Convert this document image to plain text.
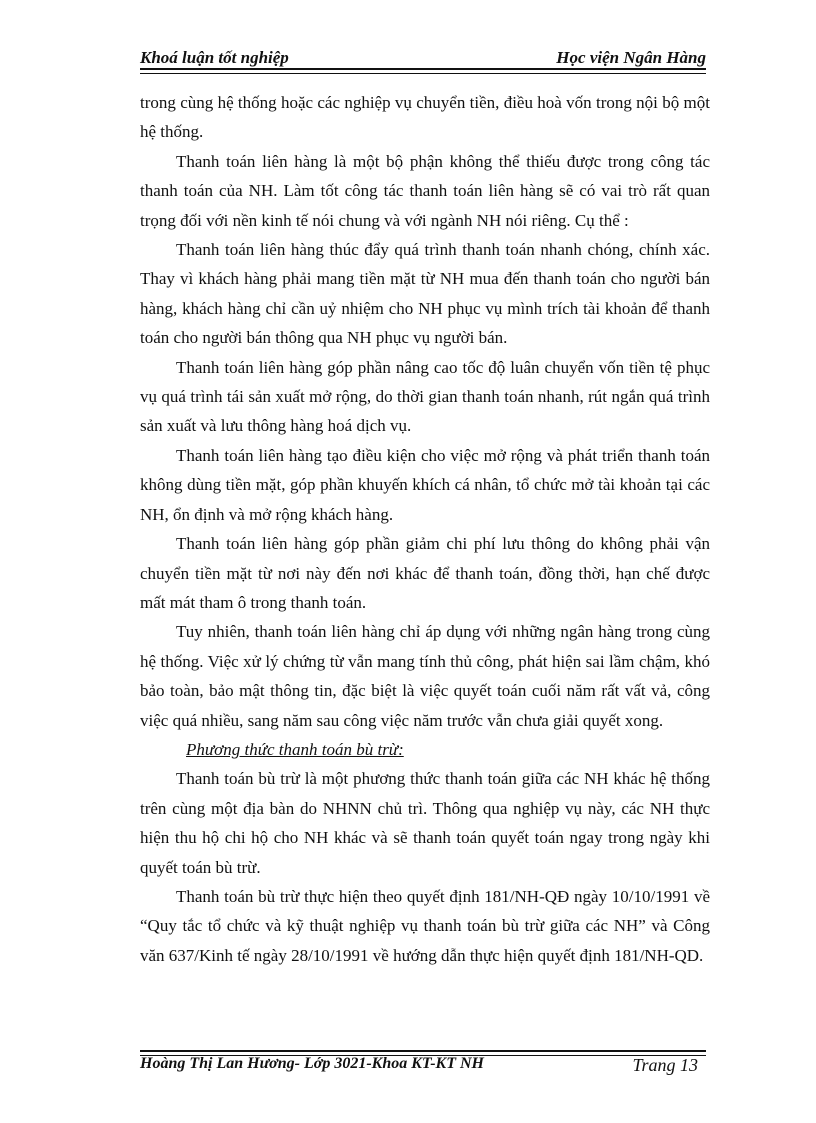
Khoá luận tốt nghiệp	Học viện Ngân Hàng

trong cùng hệ thống hoặc các nghiệp vụ chuyển tiền, điều hoà vốn trong nội bộ một hệ thống.

Thanh toán liên hàng là một bộ phận không thể thiếu được trong công tác thanh toán của NH. Làm tốt công tác thanh toán liên hàng sẽ có vai trò rất quan trọng đối với nền kinh tế nói chung và với ngành NH nói riêng. Cụ thể :

Thanh toán liên hàng thúc đẩy quá trình thanh toán nhanh chóng, chính xác. Thay vì khách hàng phải mang tiền mặt từ NH mua đến thanh toán cho người bán hàng, khách hàng chỉ cần uỷ nhiệm cho NH phục vụ mình trích tài khoản để thanh toán cho người bán thông qua NH phục vụ người bán.

Thanh toán liên hàng góp phần nâng cao tốc độ luân chuyển vốn tiền tệ phục vụ quá trình tái sản xuất mở rộng, do thời gian thanh toán nhanh, rút ngắn quá trình sản xuất và lưu thông hàng hoá dịch vụ.

Thanh toán liên hàng tạo điều kiện cho việc mở rộng và phát triển thanh toán không dùng tiền mặt, góp phần khuyến khích cá nhân, tổ chức mở tài khoản tại các NH, ổn định và mở rộng khách hàng.

Thanh toán liên hàng góp phần giảm chi phí lưu thông do không phải vận chuyển tiền mặt từ nơi này đến nơi khác để thanh toán, đồng thời, hạn chế được mất mát tham ô trong thanh toán.

Tuy nhiên, thanh toán liên hàng chỉ áp dụng với những ngân hàng trong cùng hệ thống. Việc xử lý chứng từ vẫn mang tính thủ công, phát hiện sai lầm chậm, khó bảo toàn, bảo mật thông tin, đặc biệt là việc quyết toán cuối năm rất vất vả, công việc quá nhiều, sang năm sau công việc năm trước vẫn chưa giải quyết xong.

Phương thức thanh toán bù trừ:

Thanh toán bù trừ là một phương thức thanh toán giữa các NH khác hệ thống trên cùng một địa bàn do NHNN chủ trì. Thông qua nghiệp vụ này, các NH thực hiện thu hộ chi hộ cho NH khác và sẽ thanh toán quyết toán ngay trong ngày khi quyết toán bù trừ.

Thanh toán bù trừ thực hiện theo quyết định 181/NH-QĐ ngày 10/10/1991 về “Quy tắc tổ chức và kỹ thuật nghiệp vụ thanh toán bù trừ giữa các NH” và Công văn 637/Kinh tế ngày 28/10/1991 về hướng dẫn thực hiện quyết định 181/NH-QD.

Hoàng Thị Lan Hương- Lớp 3021-Khoa KT-KT NH	Trang 13
